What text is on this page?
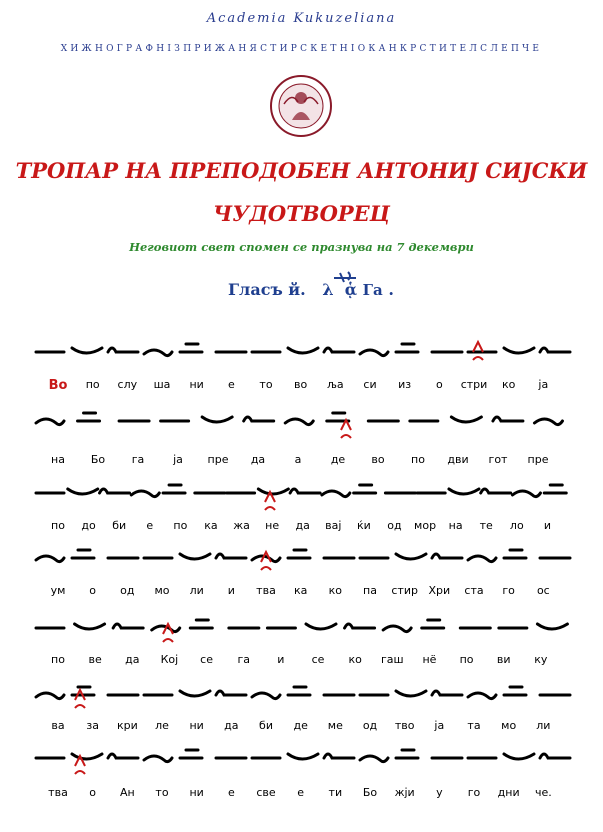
Academia Kukuzeliana
ХИЖНОГРАФНІЗПРИЖАНЯСТИРСКЕТНІОКАНКРСТИТЕЛСЛЕПЧЕ
ТРОПАР НА ПРЕПОДОБЕН АНТОНИЈ СИЈСКИ
ЧУДОТВОРЕЦ
Неговиот свет спомен се празнува на 7 декември
Гласъ й.   λ  ᾁ Га .
Во по слу ша ни е то во ља си из о стри ко ја
на Бо га	ја пре да	а	де во по дви гот пре
по до би е по ка жа не да вај ќи од мор на те ло и
ум о од мо ли и тва ка ко па стир Хри ста го ос
по ве да Кој се га и се ко гаш нё по ви ку
ва за кри ле ни да би де ме од тво ја та мо ли
тва о Ан то ни е све е ти Бо жји у го дни че.
